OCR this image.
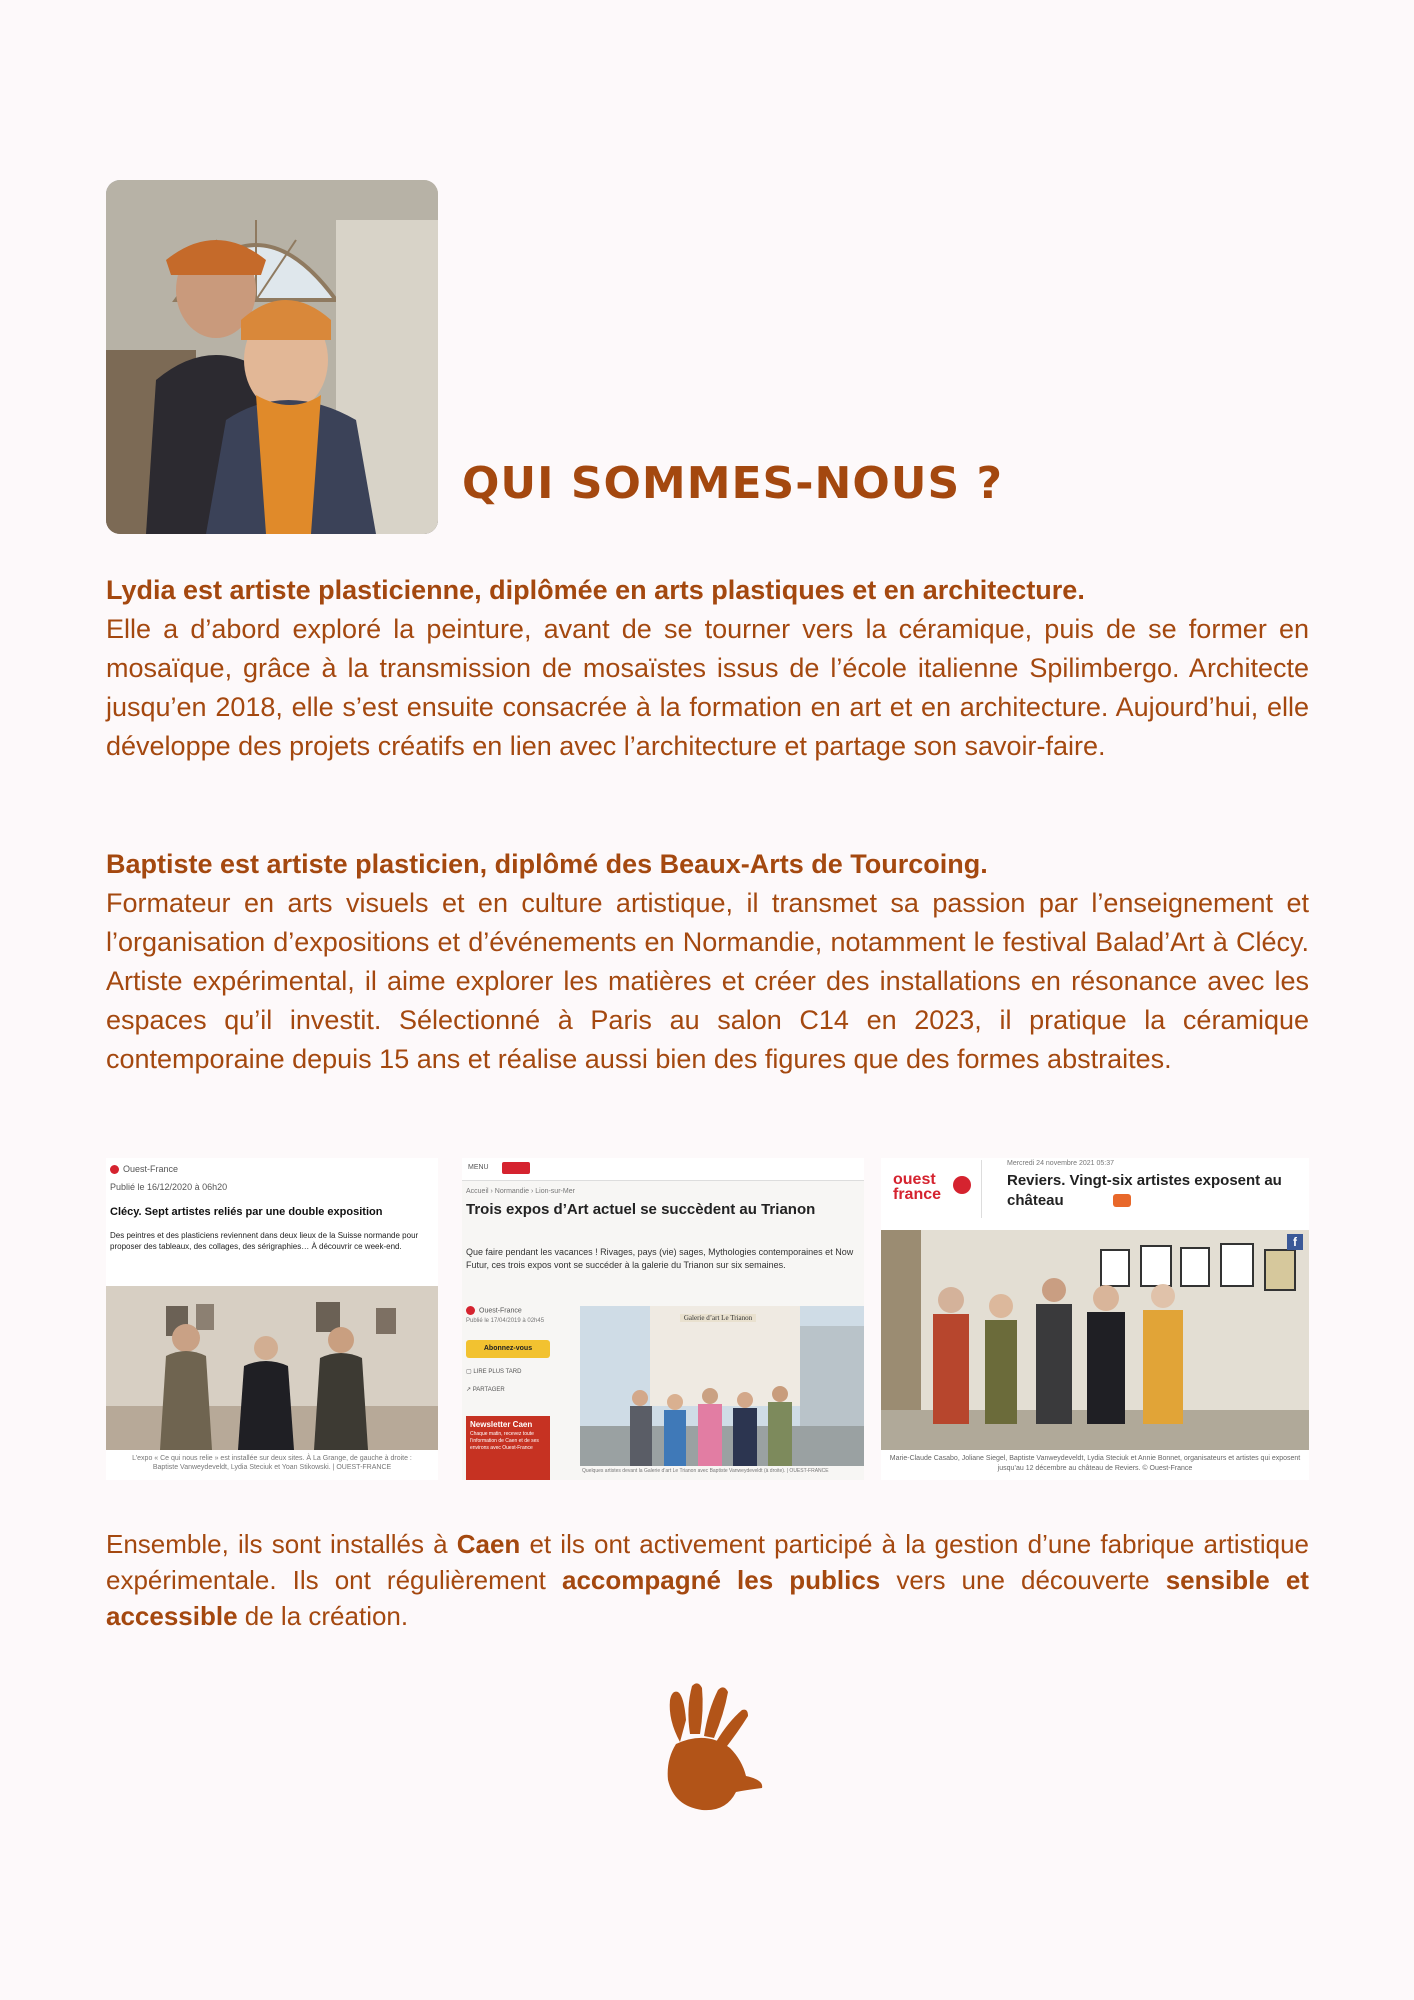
QUI SOMMES-NOUS ?
Lydia est artiste plasticienne, diplômée en arts plastiques et en architecture.

Elle a d’abord exploré la peinture, avant de se tourner vers la céramique, puis de se former en mosaïque, grâce à la transmission de mosaïstes issus de l’école italienne Spilimbergo. Architecte jusqu’en 2018, elle s’est ensuite consacrée à la formation en art et en architecture. Aujourd’hui, elle développe des projets créatifs en lien avec l’architecture et partage son savoir-faire.

Baptiste est artiste plasticien, diplômé des Beaux-Arts de Tourcoing.

Formateur en arts visuels et en culture artistique, il transmet sa passion par l’enseignement et l’organisation d’expositions et d’événements en Normandie, notamment le festival Balad’Art à Clécy. Artiste expérimental, il aime explorer les matières et créer des installations en résonance avec les espaces qu’il investit. Sélectionné à Paris au salon C14 en 2023, il pratique la céramique contemporaine depuis 15 ans et réalise aussi bien des figures que des formes abstraites.

Ouest-France
Publié le 16/12/2020 à 06h20
Clécy. Sept artistes reliés par une double exposition
Des peintres et des plasticiens reviennent dans deux lieux de la Suisse normande pour proposer des tableaux, des collages, des sérigraphies… À découvrir ce week-end.
L’expo « Ce qui nous relie » est installée sur deux sites. À La Grange, de gauche à droite : Baptiste Vanweydeveldt, Lydia Steciuk et Yoan Stikowski. | OUEST-FRANCE
MENU
Accueil › Normandie › Lion-sur-Mer
Trois expos d’Art actuel se succèdent au Trianon
Que faire pendant les vacances ! Rivages, pays (vie) sages, Mythologies contemporaines et Now Futur, ces trois expos vont se succéder à la galerie du Trianon sur six semaines.
Ouest-France
Publié le 17/04/2019 à 02h45
Abonnez-vous
▢ LIRE PLUS TARD
↗ PARTAGER
Newsletter Caen
Chaque matin, recevez toute l’information de Caen et de ses environs avec Ouest-France
Galerie d’art Le Trianon
Quelques artistes devant la Galerie d’art Le Trianon avec Baptiste Vanweydeveldt (à droite). | OUEST-FRANCE
ouest
france
Mercredi 24 novembre 2021 05:37
Reviers. Vingt-six artistes exposent au château
f
Marie-Claude Casabo, Joliane Siegel, Baptiste Vanweydeveldt, Lydia Steciuk et Annie Bonnet, organisateurs et artistes qui exposent jusqu’au 12 décembre au château de Reviers. © Ouest-France

Ensemble, ils sont installés à Caen et ils ont activement participé à la gestion d’une fabrique artistique expérimentale. Ils ont régulièrement accompagné les publics vers une découverte sensible et accessible de la création.
